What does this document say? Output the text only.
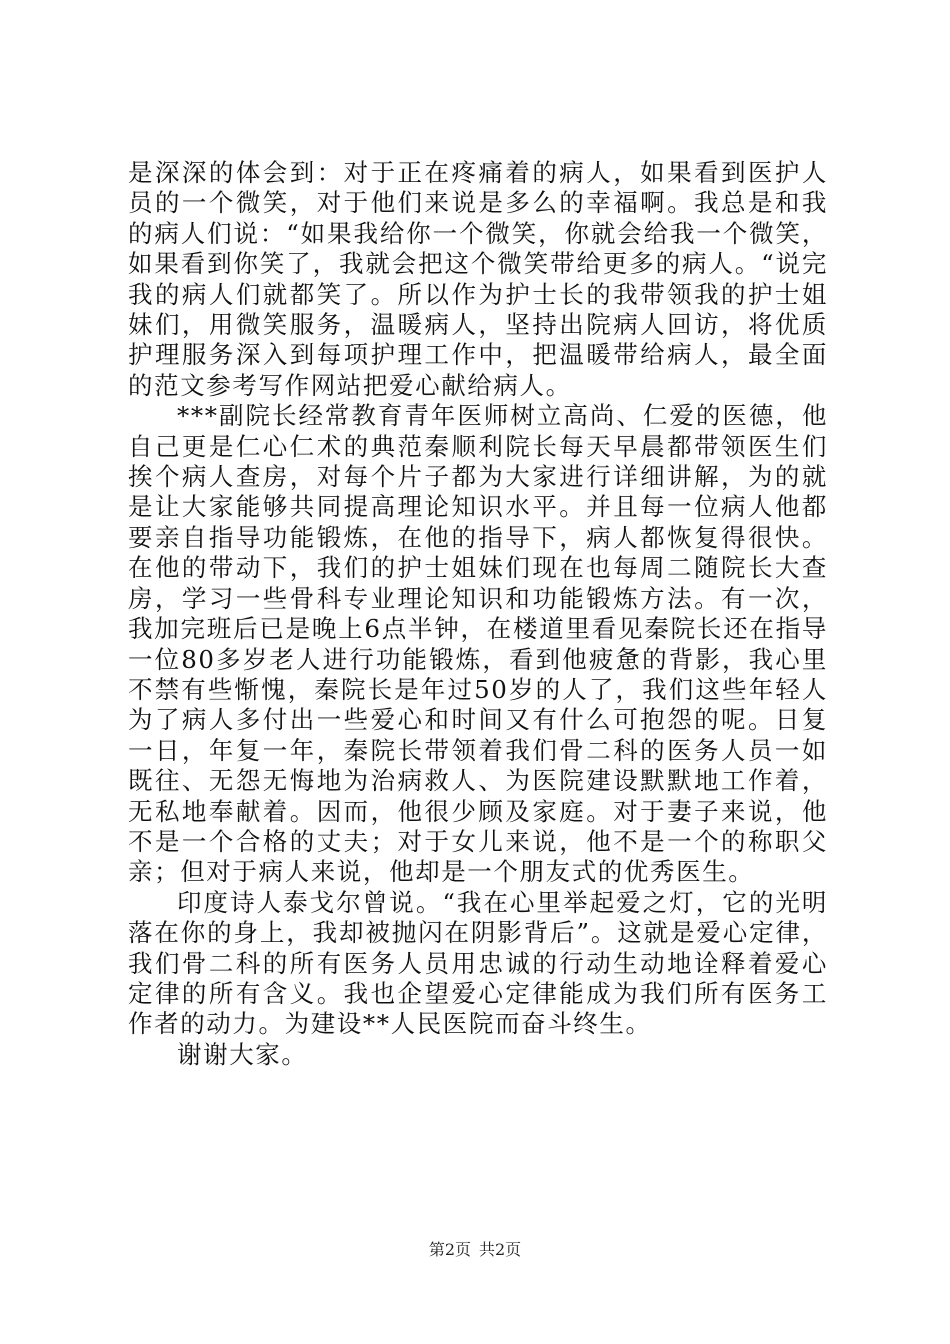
是深深的体会到：对于正在疼痛着的病人，如果看到医护人员的一个微笑，对于他们来说是多么的幸福啊。我总是和我的病人们说：“如果我给你一个微笑，你就会给我一个微笑，如果看到你笑了，我就会把这个微笑带给更多的病人。“说完我的病人们就都笑了。所以作为护士长的我带领我的护士姐妹们，用微笑服务，温暖病人，坚持出院病人回访，将优质护理服务深入到每项护理工作中，把温暖带给病人，最全面的范文参考写作网站把爱心献给病人。

***副院长经常教育青年医师树立高尚、仁爱的医德，他自己更是仁心仁术的典范秦顺利院长每天早晨都带领医生们挨个病人查房，对每个片子都为大家进行详细讲解，为的就是让大家能够共同提高理论知识水平。并且每一位病人他都要亲自指导功能锻炼，在他的指导下，病人都恢复得很快。在他的带动下，我们的护士姐妹们现在也每周二随院长大查房，学习一些骨科专业理论知识和功能锻炼方法。有一次，我加完班后已是晚上6点半钟，在楼道里看见秦院长还在指导一位80多岁老人进行功能锻炼，看到他疲惫的背影，我心里不禁有些惭愧，秦院长是年过50岁的人了，我们这些年轻人为了病人多付出一些爱心和时间又有什么可抱怨的呢。日复一日，年复一年，秦院长带领着我们骨二科的医务人员一如既往、无怨无悔地为治病救人、为医院建设默默地工作着，无私地奉献着。因而，他很少顾及家庭。对于妻子来说，他不是一个合格的丈夫；对于女儿来说，他不是一个的称职父亲；但对于病人来说，他却是一个朋友式的优秀医生。

印度诗人泰戈尔曾说。“我在心里举起爱之灯，它的光明落在你的身上，我却被抛闪在阴影背后”。这就是爱心定律，我们骨二科的所有医务人员用忠诚的行动生动地诠释着爱心定律的所有含义。我也企望爱心定律能成为我们所有医务工作者的动力。为建设**人民医院而奋斗终生。

谢谢大家。

第2页 共2页
